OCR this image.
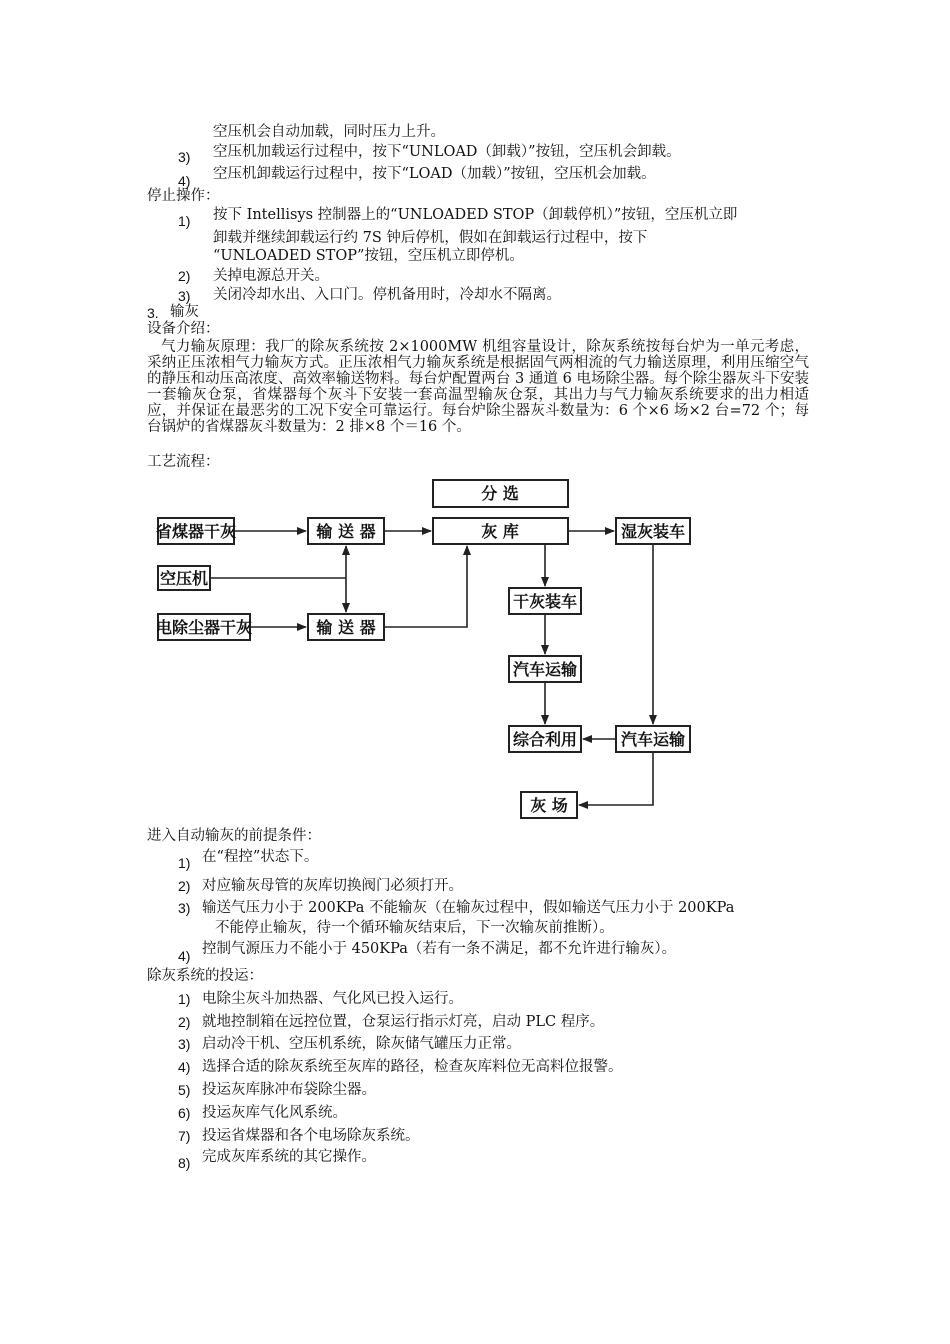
空压机会自动加载，同时压力上升。
3) 空压机加载运行过程中，按下“UNLOAD（卸载）”按钮，空压机会卸载。
4) 空压机卸载运行过程中，按下“LOAD（加载）”按钮，空压机会加载。
停止操作：
1) 按下 Intellisys 控制器上的“UNLOADED STOP（卸载停机）”按钮，空压机立即
卸载并继续卸载运行约 7S 钟后停机，假如在卸载运行过程中，按下
“UNLOADED STOP”按钮，空压机立即停机。
2) 关掉电源总开关。
3) 关闭冷却水出、入口门。停机备用时，冷却水不隔离。
3. 输灰
设备介绍：
气力输灰原理：我厂的除灰系统按 2×1000MW 机组容量设计，除灰系统按每台炉为一单元考虑，采纳正压浓相气力输灰方式。正压浓相气力输灰系统是根据固气两相流的气力输送原理，利用压缩空气的静压和动压高浓度、高效率输送物料。每台炉配置两台 3 通道 6 电场除尘器。每个除尘器灰斗下安装一套输灰仓泵，省煤器每个灰斗下安装一套高温型输灰仓泵，其出力与气力输灰系统要求的出力相适应，并保证在最恶劣的工况下安全可靠运行。每台炉除尘器灰斗数量为：6 个×6 场×2 台=72 个；每台锅炉的省煤器灰斗数量为：2 排×8 个＝16 个。
工艺流程：
分 选
省煤器干灰	输 送 器	灰 库	湿灰装车
空压机
电除尘器干灰	输 送 器
干灰装车
汽车运输
综合利用	汽车运输
灰 场
进入自动输灰的前提条件：
1) 在“程控”状态下。
2) 对应输灰母管的灰库切换阀门必须打开。
3) 输送气压力小于 200KPa 不能输灰（在输灰过程中，假如输送气压力小于 200KPa
不能停止输灰，待一个循环输灰结束后，下一次输灰前推断）。
4) 控制气源压力不能小于 450KPa（若有一条不满足，都不允许进行输灰）。
除灰系统的投运：
1) 电除尘灰斗加热器、气化风已投入运行。
2) 就地控制箱在远控位置，仓泵运行指示灯亮，启动 PLC 程序。
3) 启动冷干机、空压机系统，除灰储气罐压力正常。
4) 选择合适的除灰系统至灰库的路径，检查灰库料位无高料位报警。
5) 投运灰库脉冲布袋除尘器。
6) 投运灰库气化风系统。
7) 投运省煤器和各个电场除灰系统。
8) 完成灰库系统的其它操作。
